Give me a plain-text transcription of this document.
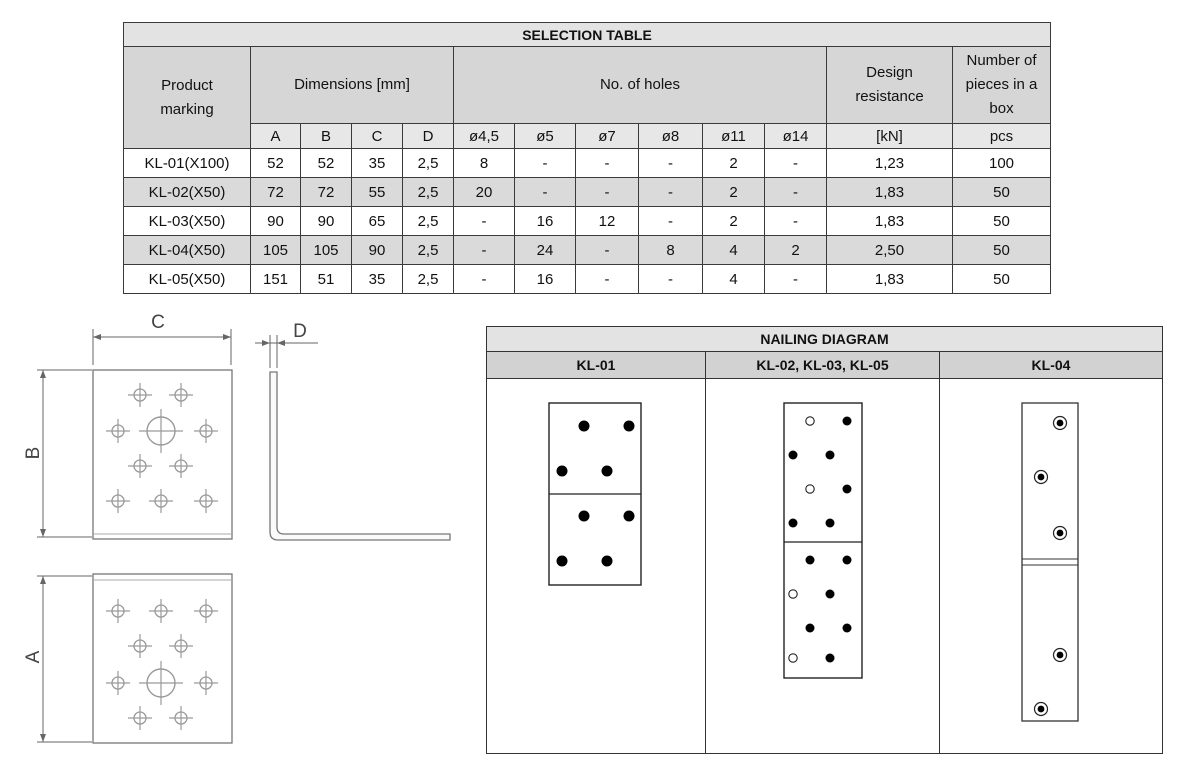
SELECTION TABLE												
Product marking	Dimensions [mm]				No. of holes						Design resistance	Number of pieces in a box
	A	B	C	D	ø4,5	ø5	ø7	ø8	ø11	ø14	[kN]	pcs
KL-01(X100)	52	52	35	2,5	8	-	-	-	2	-	1,23	100
KL-02(X50)	72	72	55	2,5	20	-	-	-	2	-	1,83	50
KL-03(X50)	90	90	65	2,5	-	16	12	-	2	-	1,83	50
KL-04(X50)	105	105	90	2,5	-	24	-	8	4	2	2,50	50
KL-05(X50)	151	51	35	2,5	-	16	-	-	4	-	1,83	50
C	D
B
A
NAILING DIAGRAM		
KL-01	KL-02, KL-03, KL-05	KL-04
